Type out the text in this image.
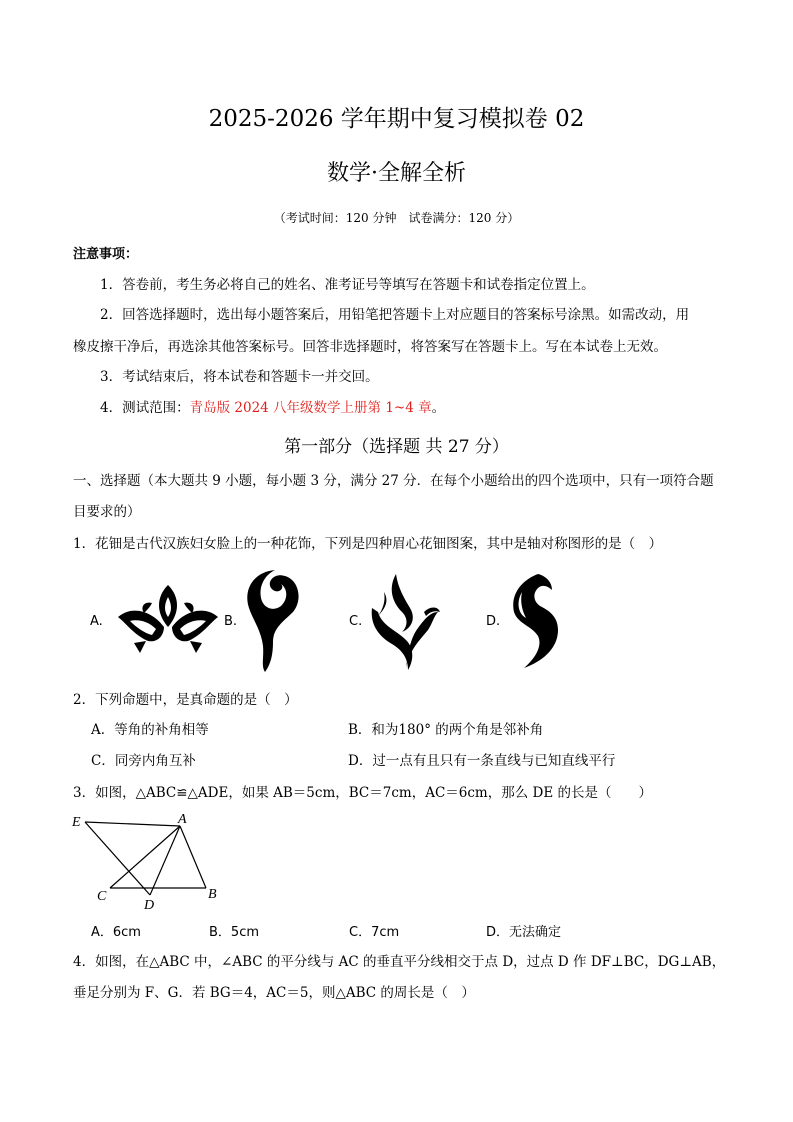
2025-2026 学年期中复习模拟卷 02
数学·全解全析
（考试时间：120 分钟　试卷满分：120 分）
注意事项：
1．答卷前，考生务必将自己的姓名、准考证号等填写在答题卡和试卷指定位置上。
2．回答选择题时，选出每小题答案后，用铅笔把答题卡上对应题目的答案标号涂黑。如需改动，用
橡皮擦干净后，再选涂其他答案标号。回答非选择题时，将答案写在答题卡上。写在本试卷上无效。
3．考试结束后，将本试卷和答题卡一并交回。
4．测试范围：青岛版 2024 八年级数学上册第 1~4 章。
第一部分（选择题 共 27 分）
一、选择题（本大题共 9 小题，每小题 3 分，满分 27 分．在每个小题给出的四个选项中，只有一项符合题
目要求的）
1．花钿是古代汉族妇女脸上的一种花饰，下列是四种眉心花钿图案，其中是轴对称图形的是（　）
A.	B.	C.	D.
2．下列命题中，是真命题的是（　）
A．等角的补角相等	B．和为180° 的两个角是邻补角
C．同旁内角互补	D．过一点有且只有一条直线与已知直线平行
3．如图，△ABC≌△ADE，如果 AB＝5cm，BC＝7cm，AC＝6cm，那么 DE 的长是（　　）
E	A
C
D
B
A．6cm	B．5cm	C．7cm	D．无法确定
4．如图，在△ABC 中，∠ABC 的平分线与 AC 的垂直平分线相交于点 D，过点 D 作 DF⊥BC，DG⊥AB，
垂足分别为 F、G．若 BG＝4，AC＝5，则△ABC 的周长是（　）
